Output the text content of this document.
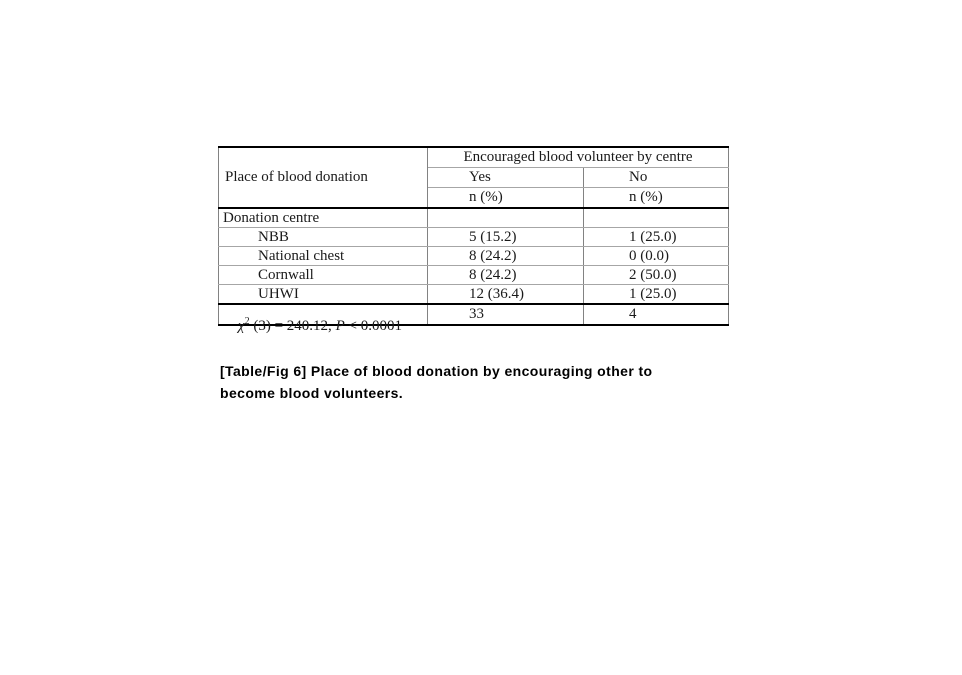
Place of blood donation	Encouraged blood volunteer by centre	
	Yes	No
	n (%)	n (%)
Donation centre		
NBB	5 (15.2)	1 (25.0)
National chest	8 (24.2)	0 (0.0)
Cornwall	8 (24.2)	2 (50.0)
UHWI	12 (36.4)	1 (25.0)
	33	4
$\chi^2$ (3) = 240.12, P < 0.0001
[Table/Fig 6] Place of blood donation by encouraging other to
become blood volunteers.
